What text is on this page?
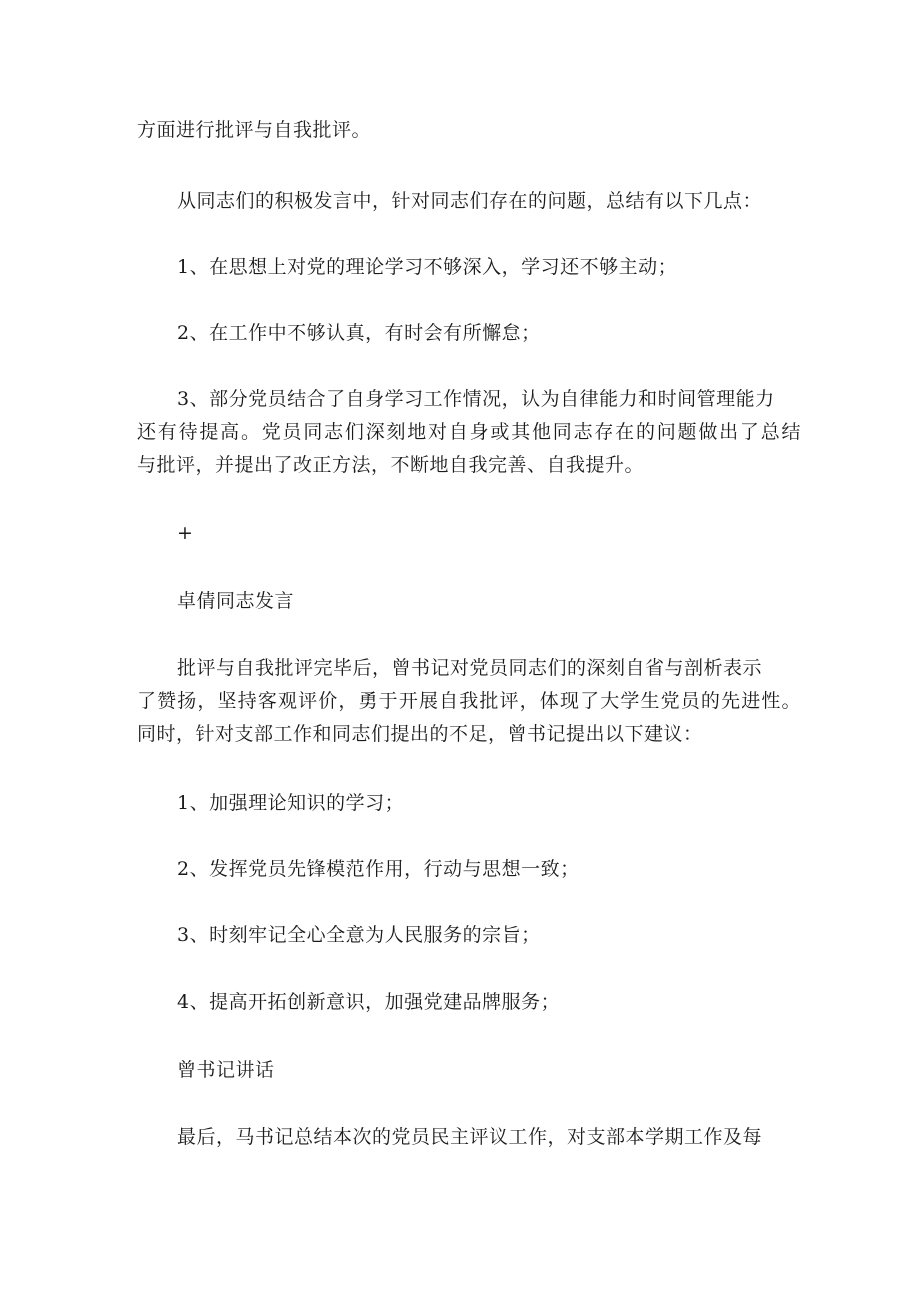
方面进行批评与自我批评。
从同志们的积极发言中，针对同志们存在的问题，总结有以下几点：
1、在思想上对党的理论学习不够深入，学习还不够主动；
2、在工作中不够认真，有时会有所懈怠；
3、部分党员结合了自身学习工作情况，认为自律能力和时间管理能力
还有待提高。党员同志们深刻地对自身或其他同志存在的问题做出了总结
与批评，并提出了改正方法，不断地自我完善、自我提升。
+
卓倩同志发言
批评与自我批评完毕后，曾书记对党员同志们的深刻自省与剖析表示
了赞扬，坚持客观评价，勇于开展自我批评，体现了大学生党员的先进性。
同时，针对支部工作和同志们提出的不足，曾书记提出以下建议：
1、加强理论知识的学习；
2、发挥党员先锋模范作用，行动与思想一致；
3、时刻牢记全心全意为人民服务的宗旨；
4、提高开拓创新意识，加强党建品牌服务；
曾书记讲话
最后，马书记总结本次的党员民主评议工作，对支部本学期工作及每
